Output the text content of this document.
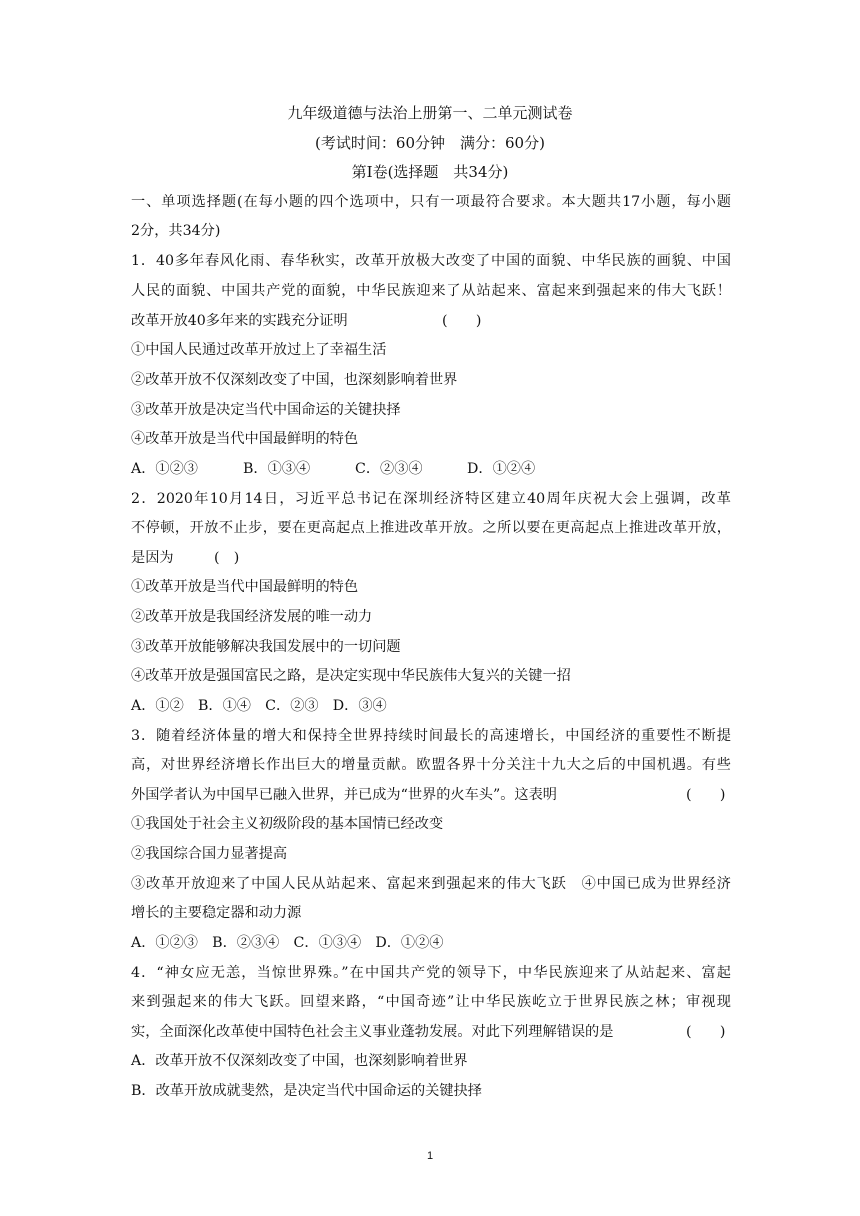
九年级道德与法治上册第一、二单元测试卷
(考试时间：60分钟　满分：60分)
第Ⅰ卷(选择题　共34分)
一、单项选择题(在每小题的四个选项中，只有一项最符合要求。本大题共17小题，每小题
2分，共34分)
1．40多年春风化雨、春华秋实，改革开放极大改变了中国的面貌、中华民族的画貌、中国
人民的面貌、中国共产党的面貌，中华民族迎来了从站起来、富起来到强起来的伟大飞跃！
改革开放40多年来的实践充分证明	(　　)
①中国人民通过改革开放过上了幸福生活
②改革开放不仅深刻改变了中国，也深刻影响着世界
③改革开放是决定当代中国命运的关键抉择
④改革开放是当代中国最鲜明的特色
A．①②③	B．①③④	C．②③④	D．①②④
2．2020年10月14日，习近平总书记在深圳经济特区建立40周年庆祝大会上强调，改革
不停顿，开放不止步，要在更高起点上推进改革开放。之所以要在更高起点上推进改革开放，
是因为	(　)
①改革开放是当代中国最鲜明的特色
②改革开放是我国经济发展的唯一动力
③改革开放能够解决我国发展中的一切问题
④改革开放是强国富民之路，是决定实现中华民族伟大复兴的关键一招
A．①②　B．①④　C．②③　D．③④
3．随着经济体量的增大和保持全世界持续时间最长的高速增长，中国经济的重要性不断提
高，对世界经济增长作出巨大的增量贡献。欧盟各界十分关注十九大之后的中国机遇。有些
外国学者认为中国早已融入世界，并已成为“世界的火车头”。这表明	(　　)
①我国处于社会主义初级阶段的基本国情已经改变
②我国综合国力显著提高
③改革开放迎来了中国人民从站起来、富起来到强起来的伟大飞跃　④中国已成为世界经济
增长的主要稳定器和动力源
A．①②③　B．②③④　C．①③④　D．①②④
4．“神女应无恙，当惊世界殊。”在中国共产党的领导下，中华民族迎来了从站起来、富起
来到强起来的伟大飞跃。回望来路，“中国奇迹”让中华民族屹立于世界民族之林；审视现
实，全面深化改革使中国特色社会主义事业蓬勃发展。对此下列理解错误的是	(　　)
A．改革开放不仅深刻改变了中国，也深刻影响着世界
B．改革开放成就斐然，是决定当代中国命运的关键抉择
1
